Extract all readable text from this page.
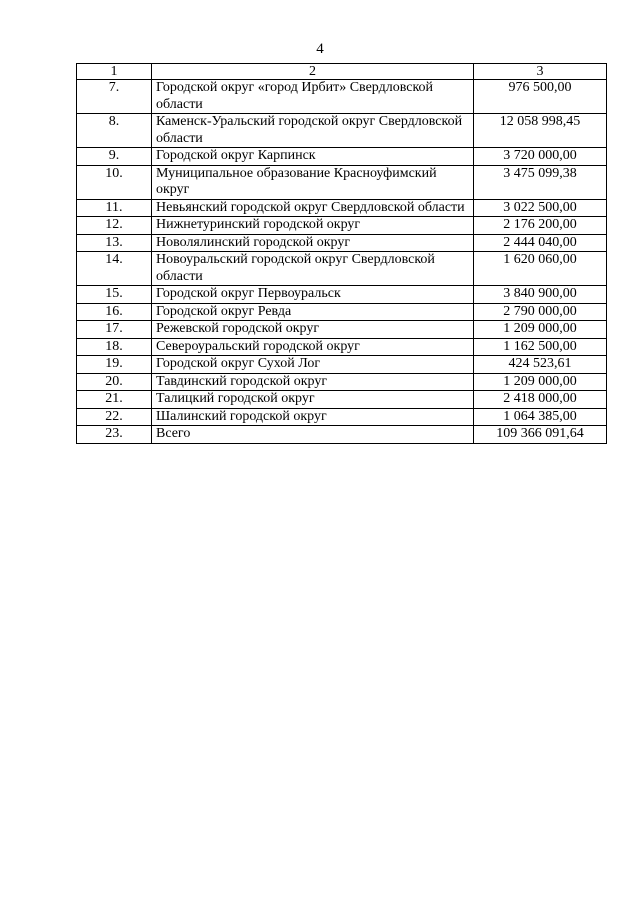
4
1	2	3
7.	Городской округ «город Ирбит» Свердловской области	976 500,00
8.	Каменск-Уральский городской округ Свердловской области	12 058 998,45
9.	Городской округ Карпинск	3 720 000,00
10.	Муниципальное образование Красноуфимский округ	3 475 099,38
11.	Невьянский городской округ Свердловской области	3 022 500,00
12.	Нижнетуринский городской округ	2 176 200,00
13.	Новолялинский городской округ	2 444 040,00
14.	Новоуральский городской округ Свердловской области	1 620 060,00
15.	Городской округ Первоуральск	3 840 900,00
16.	Городской округ Ревда	2 790 000,00
17.	Режевской городской округ	1 209 000,00
18.	Североуральский городской округ	1 162 500,00
19.	Городской округ Сухой Лог	424 523,61
20.	Тавдинский городской округ	1 209 000,00
21.	Талицкий городской округ	2 418 000,00
22.	Шалинский городской округ	1 064 385,00
23.	Всего	109 366 091,64
